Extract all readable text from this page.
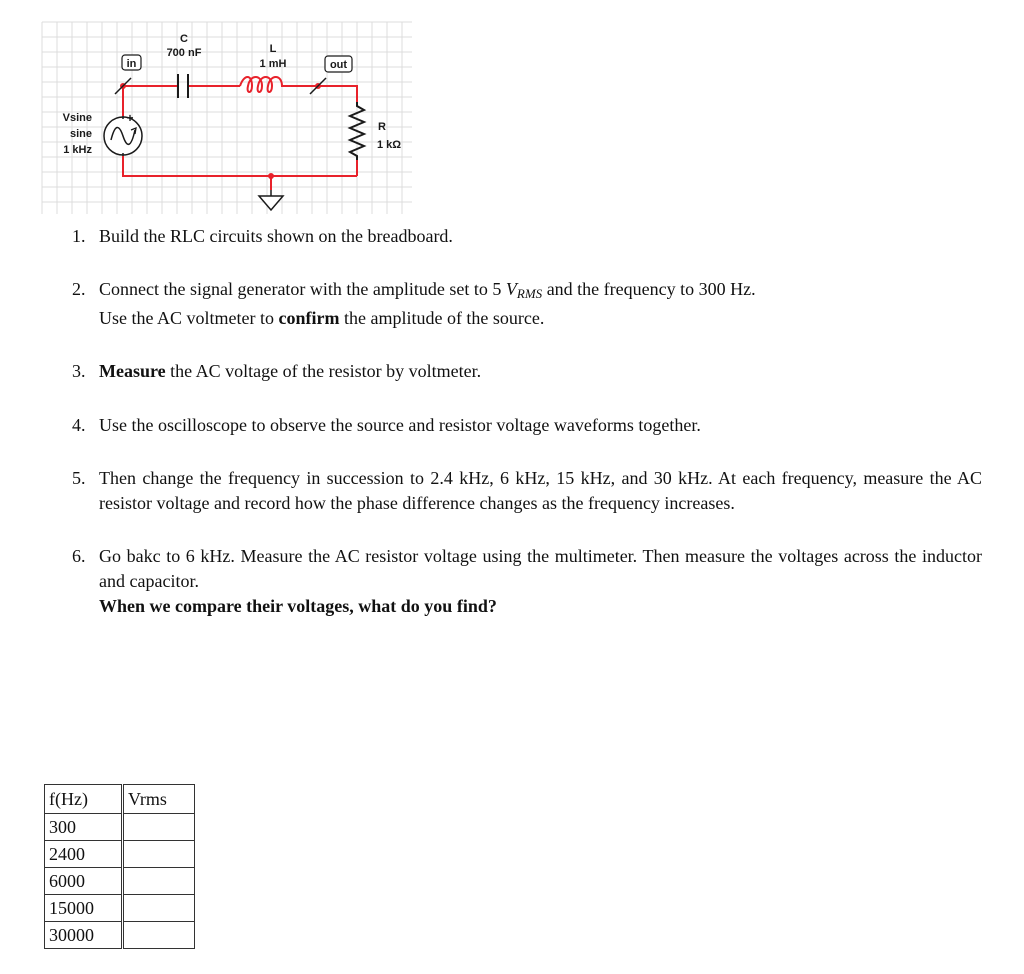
in	out
C
700 nF	L
1 mH
R
1 kΩ
Vsine
sine
1 kHz
+
1. Build the RLC circuits shown on the breadboard.
2. Connect the signal generator with the amplitude set to 5 $V_{RMS}$ and the frequency to 300 Hz.
Use the AC voltmeter to confirm the amplitude of the source.
3. Measure the AC voltage of the resistor by voltmeter.
4. Use the oscilloscope to observe the source and resistor voltage waveforms together.
5. Then change the frequency in succession to 2.4 kHz, 6 kHz, 15 kHz, and 30 kHz. At each frequency, measure the AC resistor voltage and record how the phase difference changes as the frequency increases.
6. Go bakc to 6 kHz. Measure the AC resistor voltage using the multimeter. Then measure the voltages across the inductor and capacitor.
When we compare their voltages, what do you find?
f(Hz)	Vrms
300	
2400	
6000	
15000	
30000	
